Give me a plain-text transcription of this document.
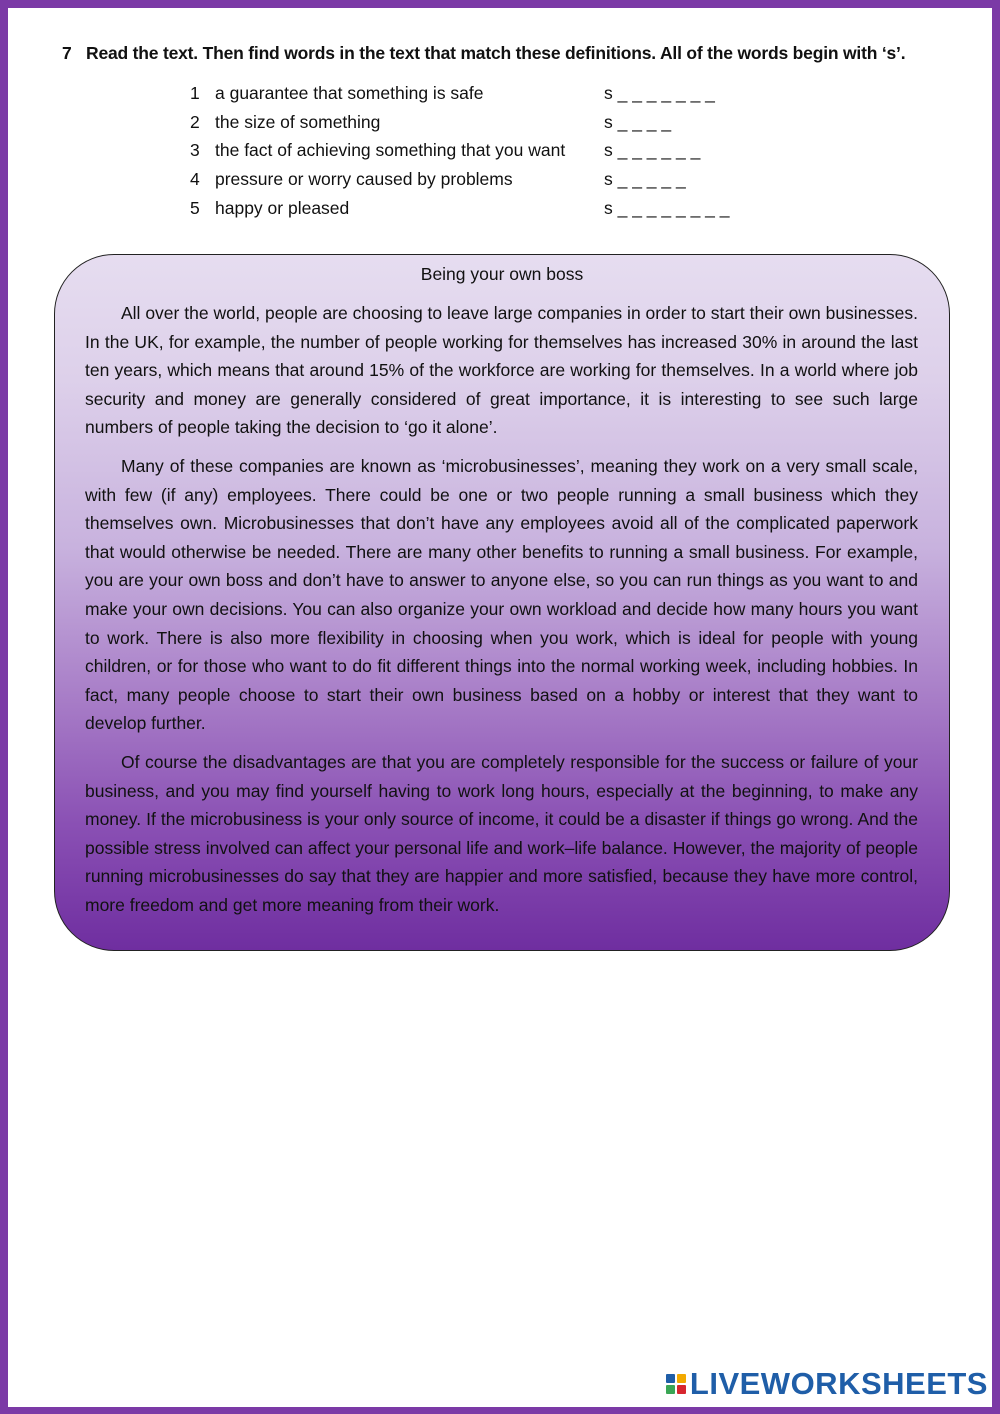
7 Read the text. Then find words in the text that match these definitions. All of the words begin with ‘s’.
1 a guarantee that something is safe	s _ _ _ _ _ _ _
2 the size of something	s _ _ _ _
3 the fact of achieving something that you want	s _ _ _ _ _ _
4 pressure or worry caused by problems	s _ _ _ _ _
5 happy or pleased	s _ _ _ _ _ _ _ _
Being your own boss

All over the world, people are choosing to leave large companies in order to start their own businesses. In the UK, for example, the number of people working for themselves has increased 30% in around the last ten years, which means that around 15% of the workforce are working for themselves. In a world where job security and money are generally considered of great importance, it is interesting to see such large numbers of people taking the decision to ‘go it alone’.

Many of these companies are known as ‘microbusinesses’, meaning they work on a very small scale, with few (if any) employees. There could be one or two people running a small business which they themselves own. Microbusinesses that don’t have any employees avoid all of the complicated paperwork that would otherwise be needed. There are many other benefits to running a small business. For example, you are your own boss and don’t have to answer to anyone else, so you can run things as you want to and make your own decisions. You can also organize your own workload and decide how many hours you want to work. There is also more flexibility in choosing when you work, which is ideal for people with young children, or for those who want to do fit different things into the normal working week, including hobbies. In fact, many people choose to start their own business based on a hobby or interest that they want to develop further.

Of course the disadvantages are that you are completely responsible for the success or failure of your business, and you may find yourself having to work long hours, especially at the beginning, to make any money. If the microbusiness is your only source of income, it could be a disaster if things go wrong. And the possible stress involved can affect your personal life and work–life balance. However, the majority of people running microbusinesses do say that they are happier and more satisfied, because they have more control, more freedom and get more meaning from their work.

LIVEWORKSHEETS
